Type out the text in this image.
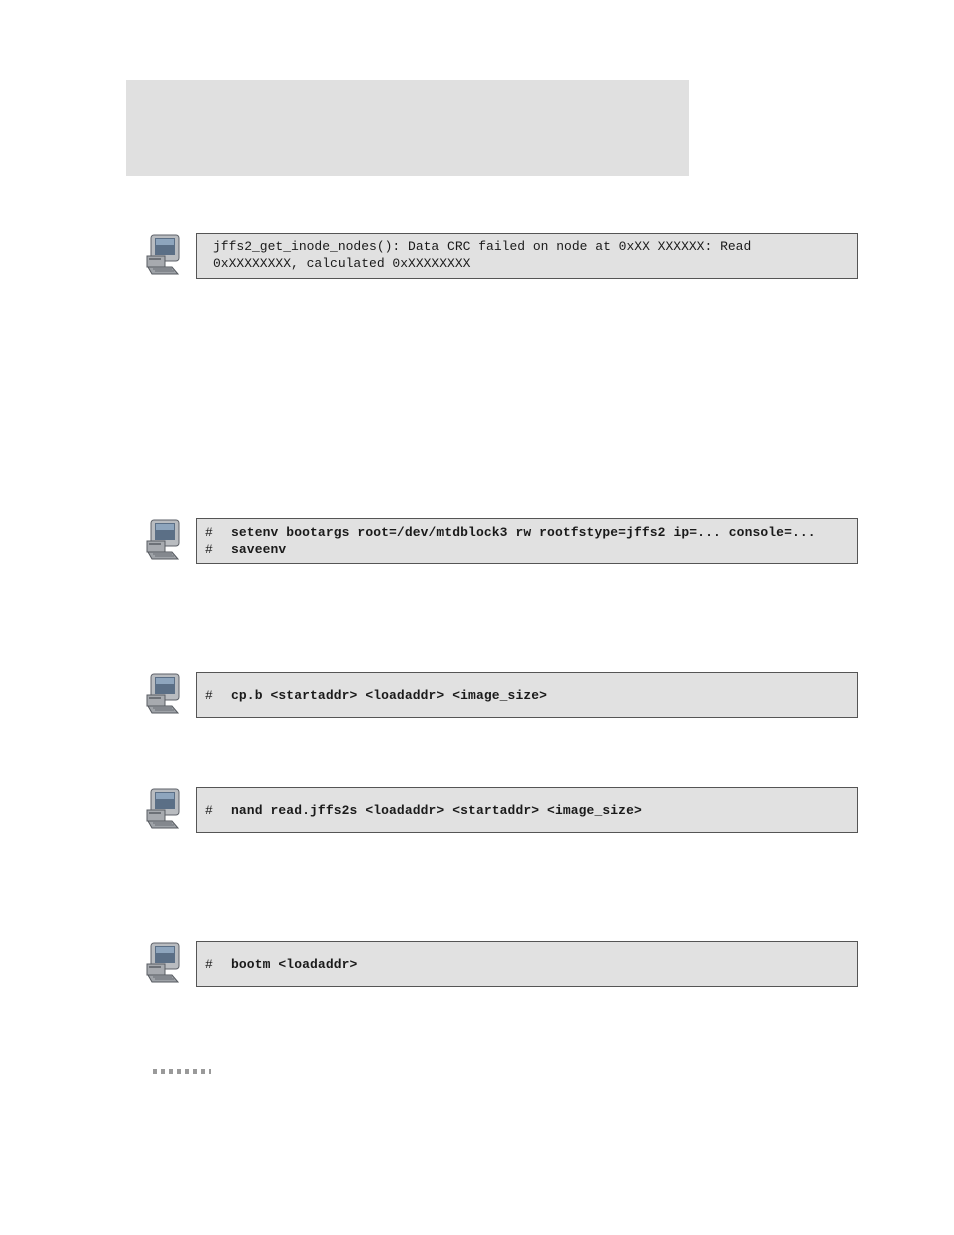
jffs2_get_inode_nodes(): Data CRC failed on node at 0xXX XXXXXX: Read
0xXXXXXXXX, calculated 0xXXXXXXXX
#	setenv bootargs root=/dev/mtdblock3 rw rootfstype=jffs2 ip=... console=...
#	saveenv
#	cp.b <startaddr> <loadaddr> <image_size>
#	nand read.jffs2s <loadaddr> <startaddr> <image_size>
#	bootm <loadaddr>
